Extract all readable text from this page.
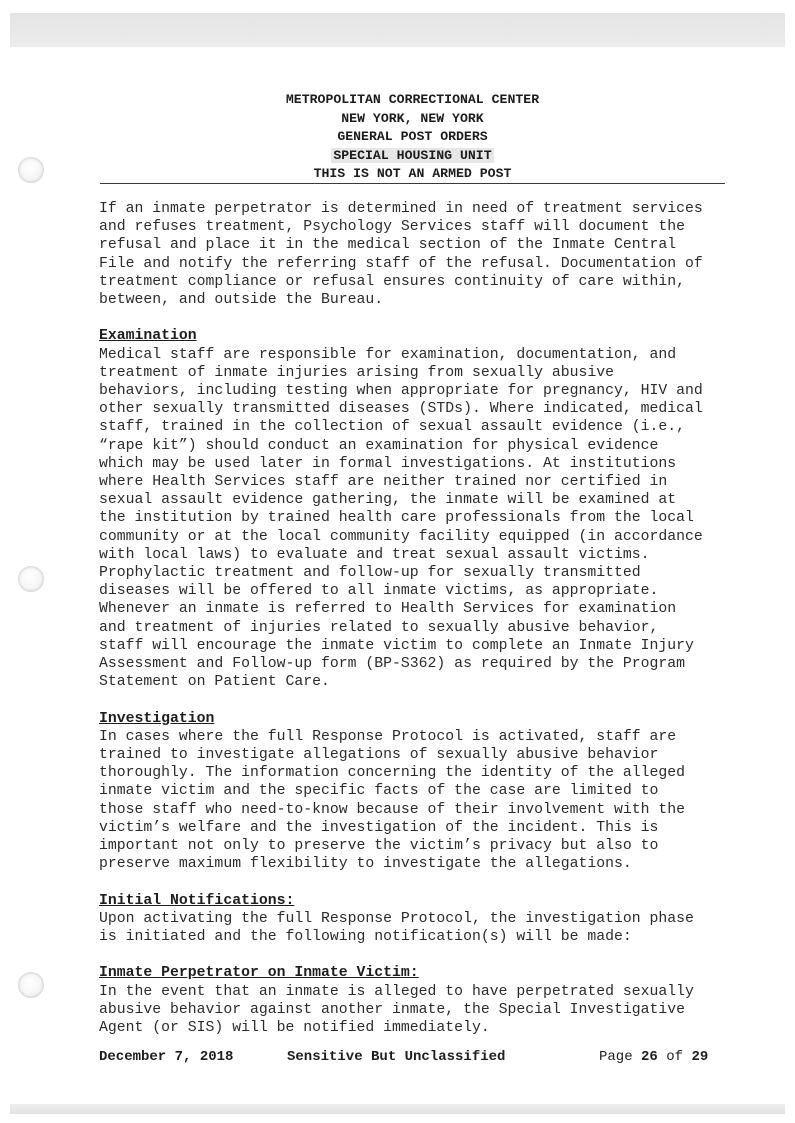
METROPOLITAN CORRECTIONAL CENTER
NEW YORK, NEW YORK
GENERAL POST ORDERS
SPECIAL HOUSING UNIT
THIS IS NOT AN ARMED POST
If an inmate perpetrator is determined in need of treatment services
and refuses treatment, Psychology Services staff will document the
refusal and place it in the medical section of the Inmate Central
File and notify the referring staff of the refusal. Documentation of
treatment compliance or refusal ensures continuity of care within,
between, and outside the Bureau.
Examination
Medical staff are responsible for examination, documentation, and
treatment of inmate injuries arising from sexually abusive
behaviors, including testing when appropriate for pregnancy, HIV and
other sexually transmitted diseases (STDs). Where indicated, medical
staff, trained in the collection of sexual assault evidence (i.e.,
“rape kit”) should conduct an examination for physical evidence
which may be used later in formal investigations. At institutions
where Health Services staff are neither trained nor certified in
sexual assault evidence gathering, the inmate will be examined at
the institution by trained health care professionals from the local
community or at the local community facility equipped (in accordance
with local laws) to evaluate and treat sexual assault victims.
Prophylactic treatment and follow-up for sexually transmitted
diseases will be offered to all inmate victims, as appropriate.
Whenever an inmate is referred to Health Services for examination
and treatment of injuries related to sexually abusive behavior,
staff will encourage the inmate victim to complete an Inmate Injury
Assessment and Follow-up form (BP-S362) as required by the Program
Statement on Patient Care.
Investigation
In cases where the full Response Protocol is activated, staff are
trained to investigate allegations of sexually abusive behavior
thoroughly. The information concerning the identity of the alleged
inmate victim and the specific facts of the case are limited to
those staff who need-to-know because of their involvement with the
victim’s welfare and the investigation of the incident. This is
important not only to preserve the victim’s privacy but also to
preserve maximum flexibility to investigate the allegations.
Initial Notifications:
Upon activating the full Response Protocol, the investigation phase
is initiated and the following notification(s) will be made:
Inmate Perpetrator on Inmate Victim:
In the event that an inmate is alleged to have perpetrated sexually
abusive behavior against another inmate, the Special Investigative
Agent (or SIS) will be notified immediately.
December 7, 2018	Sensitive But Unclassified	Page 26 of 29
